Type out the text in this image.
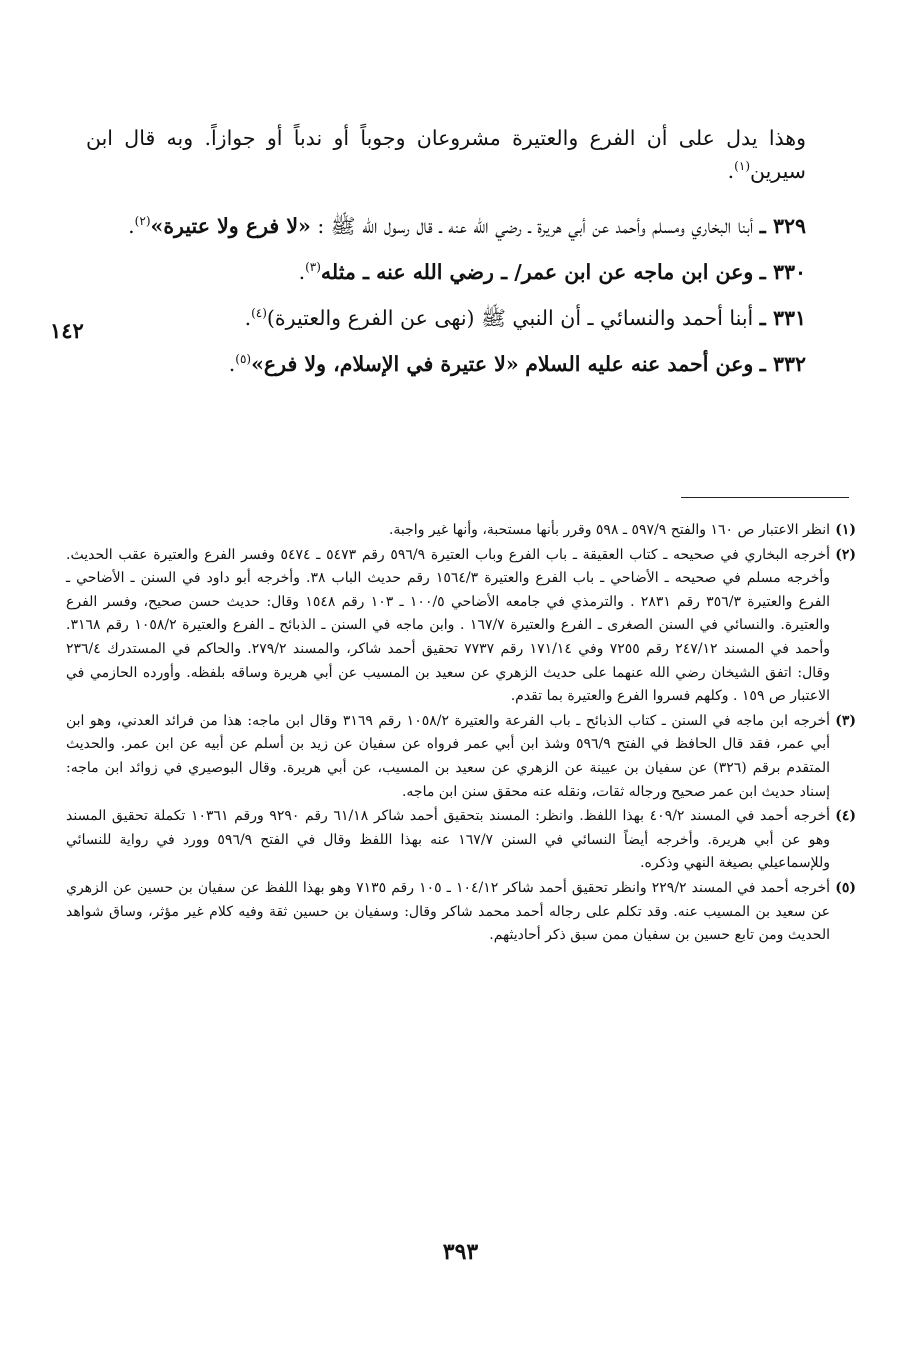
وهذا يدل على أن الفرع والعتيرة مشروعان وجوباً أو ندباً أو جوازاً. وبه قال ابن سيرين$^{(١)}$.

٣٢٩ ـ أبنا البخاري ومسلم وأحمد عن أبي هريرة ـ رضي الله عنه ـ قال رسول الله ﷺ : «لا فرع ولا عتيرة»$^{(٢)}$.

٣٣٠ ـ وعن ابن ماجه عن ابن عمر/ ـ رضي الله عنه ـ مثله$^{(٣)}$.

٣٣١ ـ أبنا أحمد والنسائي ـ أن النبي ﷺ (نهى عن الفرع والعتيرة)$^{(٤)}$.

٣٣٢ ـ وعن أحمد عنه عليه السلام «لا عتيرة في الإسلام، ولا فرع»$^{(٥)}$.

١٤٢
(١)
انظر الاعتبار ص ١٦٠ والفتح ٥٩٧/٩ ـ ٥٩٨ وقرر بأنها مستحبة، وأنها غير واجبة.
(٢)
أخرجه البخاري في صحيحه ـ كتاب العقيقة ـ باب الفرع وباب العتيرة ٥٩٦/٩ رقم ٥٤٧٣ ـ ٥٤٧٤ وفسر الفرع والعتيرة عقب الحديث. وأخرجه مسلم في صحيحه ـ الأضاحي ـ باب الفرع والعتيرة ١٥٦٤/٣ رقم حديث الباب ٣٨. وأخرجه أبو داود في السنن ـ الأضاحي ـ الفرع والعتيرة ٣٥٦/٣ رقم ٢٨٣١ . والترمذي في جامعه الأضاحي ١٠٠/٥ ـ ١٠٣ رقم ١٥٤٨ وقال: حديث حسن صحيح، وفسر الفرع والعتيرة. والنسائي في السنن الصغرى ـ الفرع والعتيرة ١٦٧/٧ . وابن ماجه في السنن ـ الذبائح ـ الفرع والعتيرة ١٠٥٨/٢ رقم ٣١٦٨. وأحمد في المسند ٢٤٧/١٢ رقم ٧٢٥٥ وفي ١٧١/١٤ رقم ٧٧٣٧ تحقيق أحمد شاكر، والمسند ٢٧٩/٢. والحاكم في المستدرك ٢٣٦/٤ وقال: اتفق الشيخان رضي الله عنهما على حديث الزهري عن سعيد بن المسيب عن أبي هريرة وساقه بلفظه. وأورده الحازمي في الاعتبار ص ١٥٩ . وكلهم فسروا الفرع والعتيرة بما تقدم.
(٣)
أخرجه ابن ماجه في السنن ـ كتاب الذبائح ـ باب الفرعة والعتيرة ١٠٥٨/٢ رقم ٣١٦٩ وقال ابن ماجه: هذا من فرائد العدني، وهو ابن أبي عمر، فقد قال الحافظ في الفتح ٥٩٦/٩ وشذ ابن أبي عمر فرواه عن سفيان عن زيد بن أسلم عن أبيه عن ابن عمر. والحديث المتقدم برقم (٣٢٦) عن سفيان بن عيينة عن الزهري عن سعيد بن المسيب، عن أبي هريرة. وقال البوصيري في زوائد ابن ماجه: إسناد حديث ابن عمر صحيح ورجاله ثقات، ونقله عنه محقق سنن ابن ماجه.
(٤)
أخرجه أحمد في المسند ٤٠٩/٢ بهذا اللفظ. وانظر: المسند بتحقيق أحمد شاكر ٦١/١٨ رقم ٩٢٩٠ ورقم ١٠٣٦١ تكملة تحقيق المسند وهو عن أبي هريرة. وأخرجه أيضاً النسائي في السنن ١٦٧/٧ عنه بهذا اللفظ وقال في الفتح ٥٩٦/٩ وورد في رواية للنسائي وللإسماعيلي بصيغة النهي وذكره.
(٥)
أخرجه أحمد في المسند ٢٢٩/٢ وانظر تحقيق أحمد شاكر ١٠٤/١٢ ـ ١٠٥ رقم ٧١٣٥ وهو بهذا اللفظ عن سفيان بن حسين عن الزهري عن سعيد بن المسيب عنه. وقد تكلم على رجاله أحمد محمد شاكر وقال: وسفيان بن حسين ثقة وفيه كلام غير مؤثر، وساق شواهد الحديث ومن تابع حسين بن سفيان ممن سبق ذكر أحاديثهم.
٣٩٣
